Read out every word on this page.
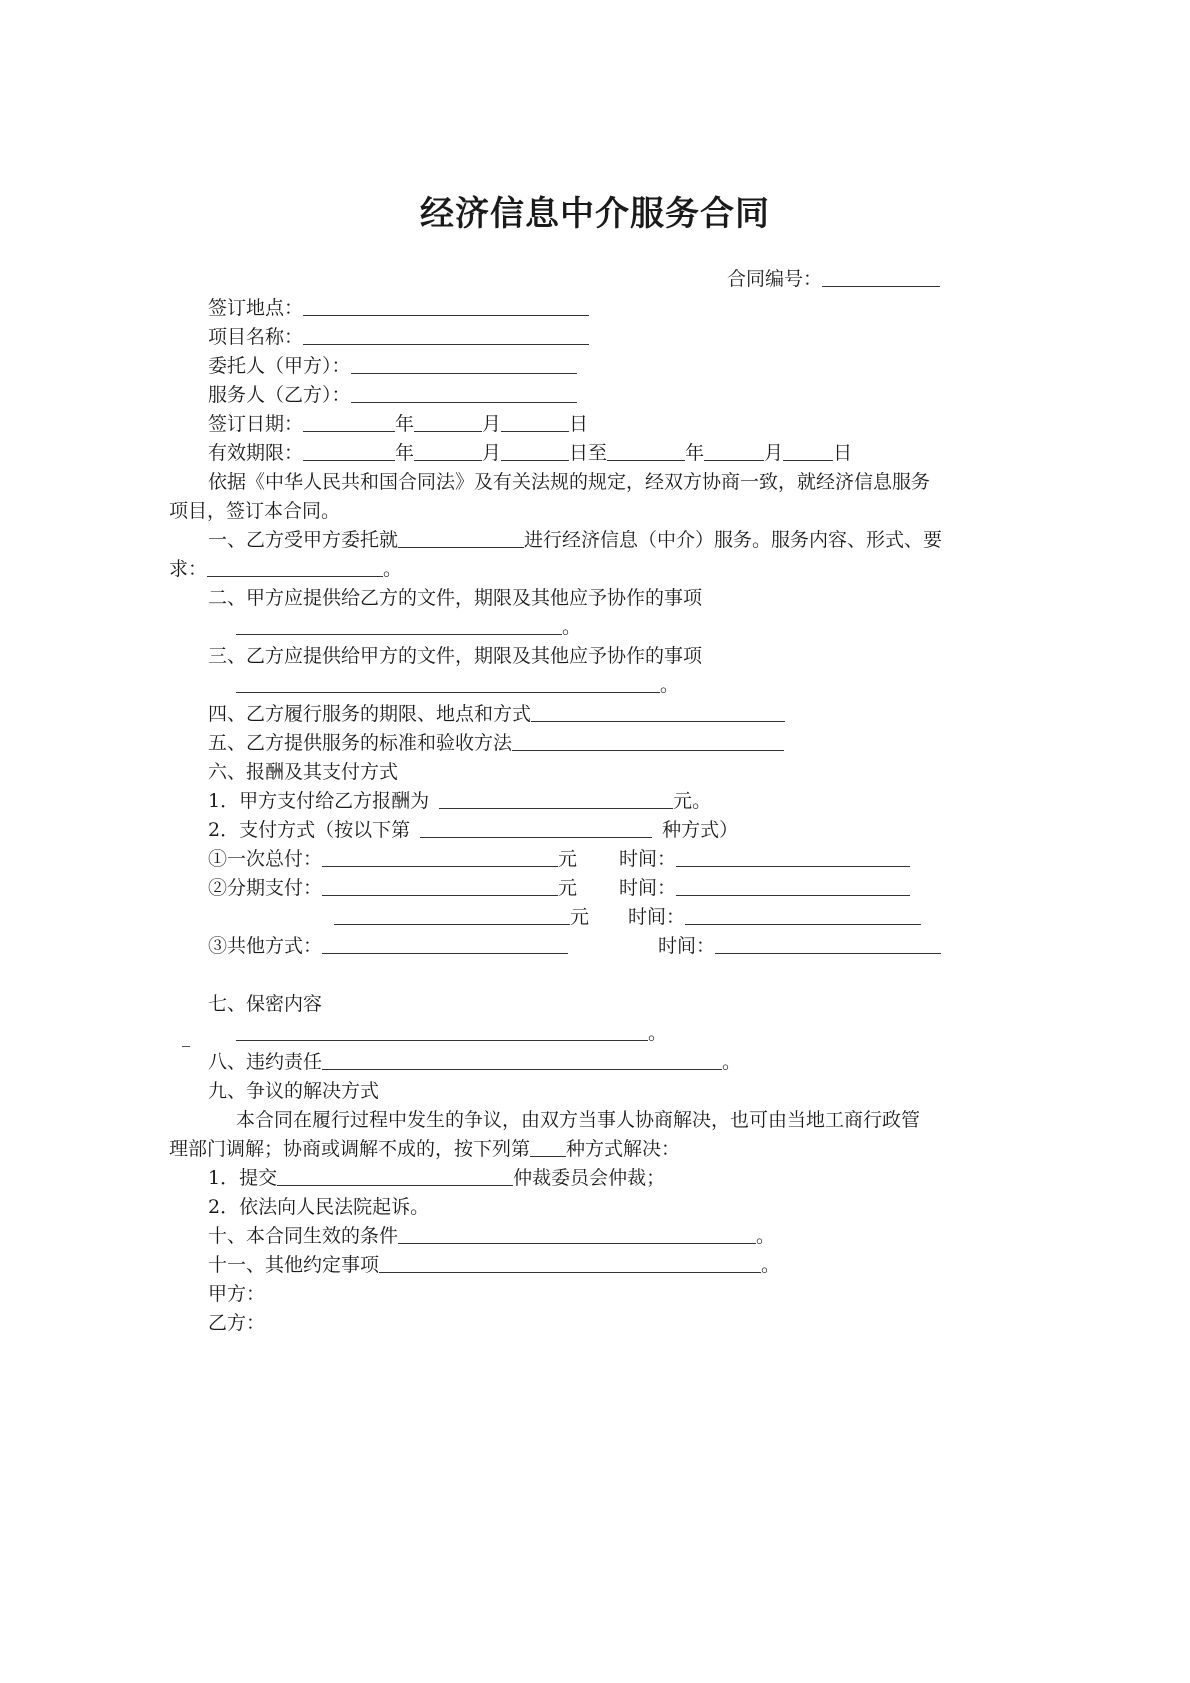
经济信息中介服务合同
合同编号：
签订地点：
项目名称：
委托人（甲方）：
服务人（乙方）：
签订日期：	年	月	日
有效期限：	年	月	日至	年	月	日
依据《中华人民共和国合同法》及有关法规的规定，经双方协商一致，就经济信息服务
项目，签订本合同。
一、乙方受甲方委托就	进行经济信息（中介）服务。服务内容、形式、要
求：	。
二、甲方应提供给乙方的文件，期限及其他应予协作的事项
。
三、乙方应提供给甲方的文件，期限及其他应予协作的事项
。
四、乙方履行服务的期限、地点和方式
五、乙方提供服务的标准和验收方法
六、报酬及其支付方式
1．甲方支付给乙方报酬为	元。
2．支付方式（按以下第	种方式）
①一次总付：	元 时间：
②分期支付：	元 时间：
元 时间：
③共他方式：	时间：
七、保密内容
。
八、违约责任	。
九、争议的解决方式
本合同在履行过程中发生的争议，由双方当事人协商解决，也可由当地工商行政管
理部门调解；协商或调解不成的，按下列第 种方式解决：
1．提交	仲裁委员会仲裁；
2．依法向人民法院起诉。
十、本合同生效的条件	。
十一、其他约定事项	。
甲方：
乙方：
